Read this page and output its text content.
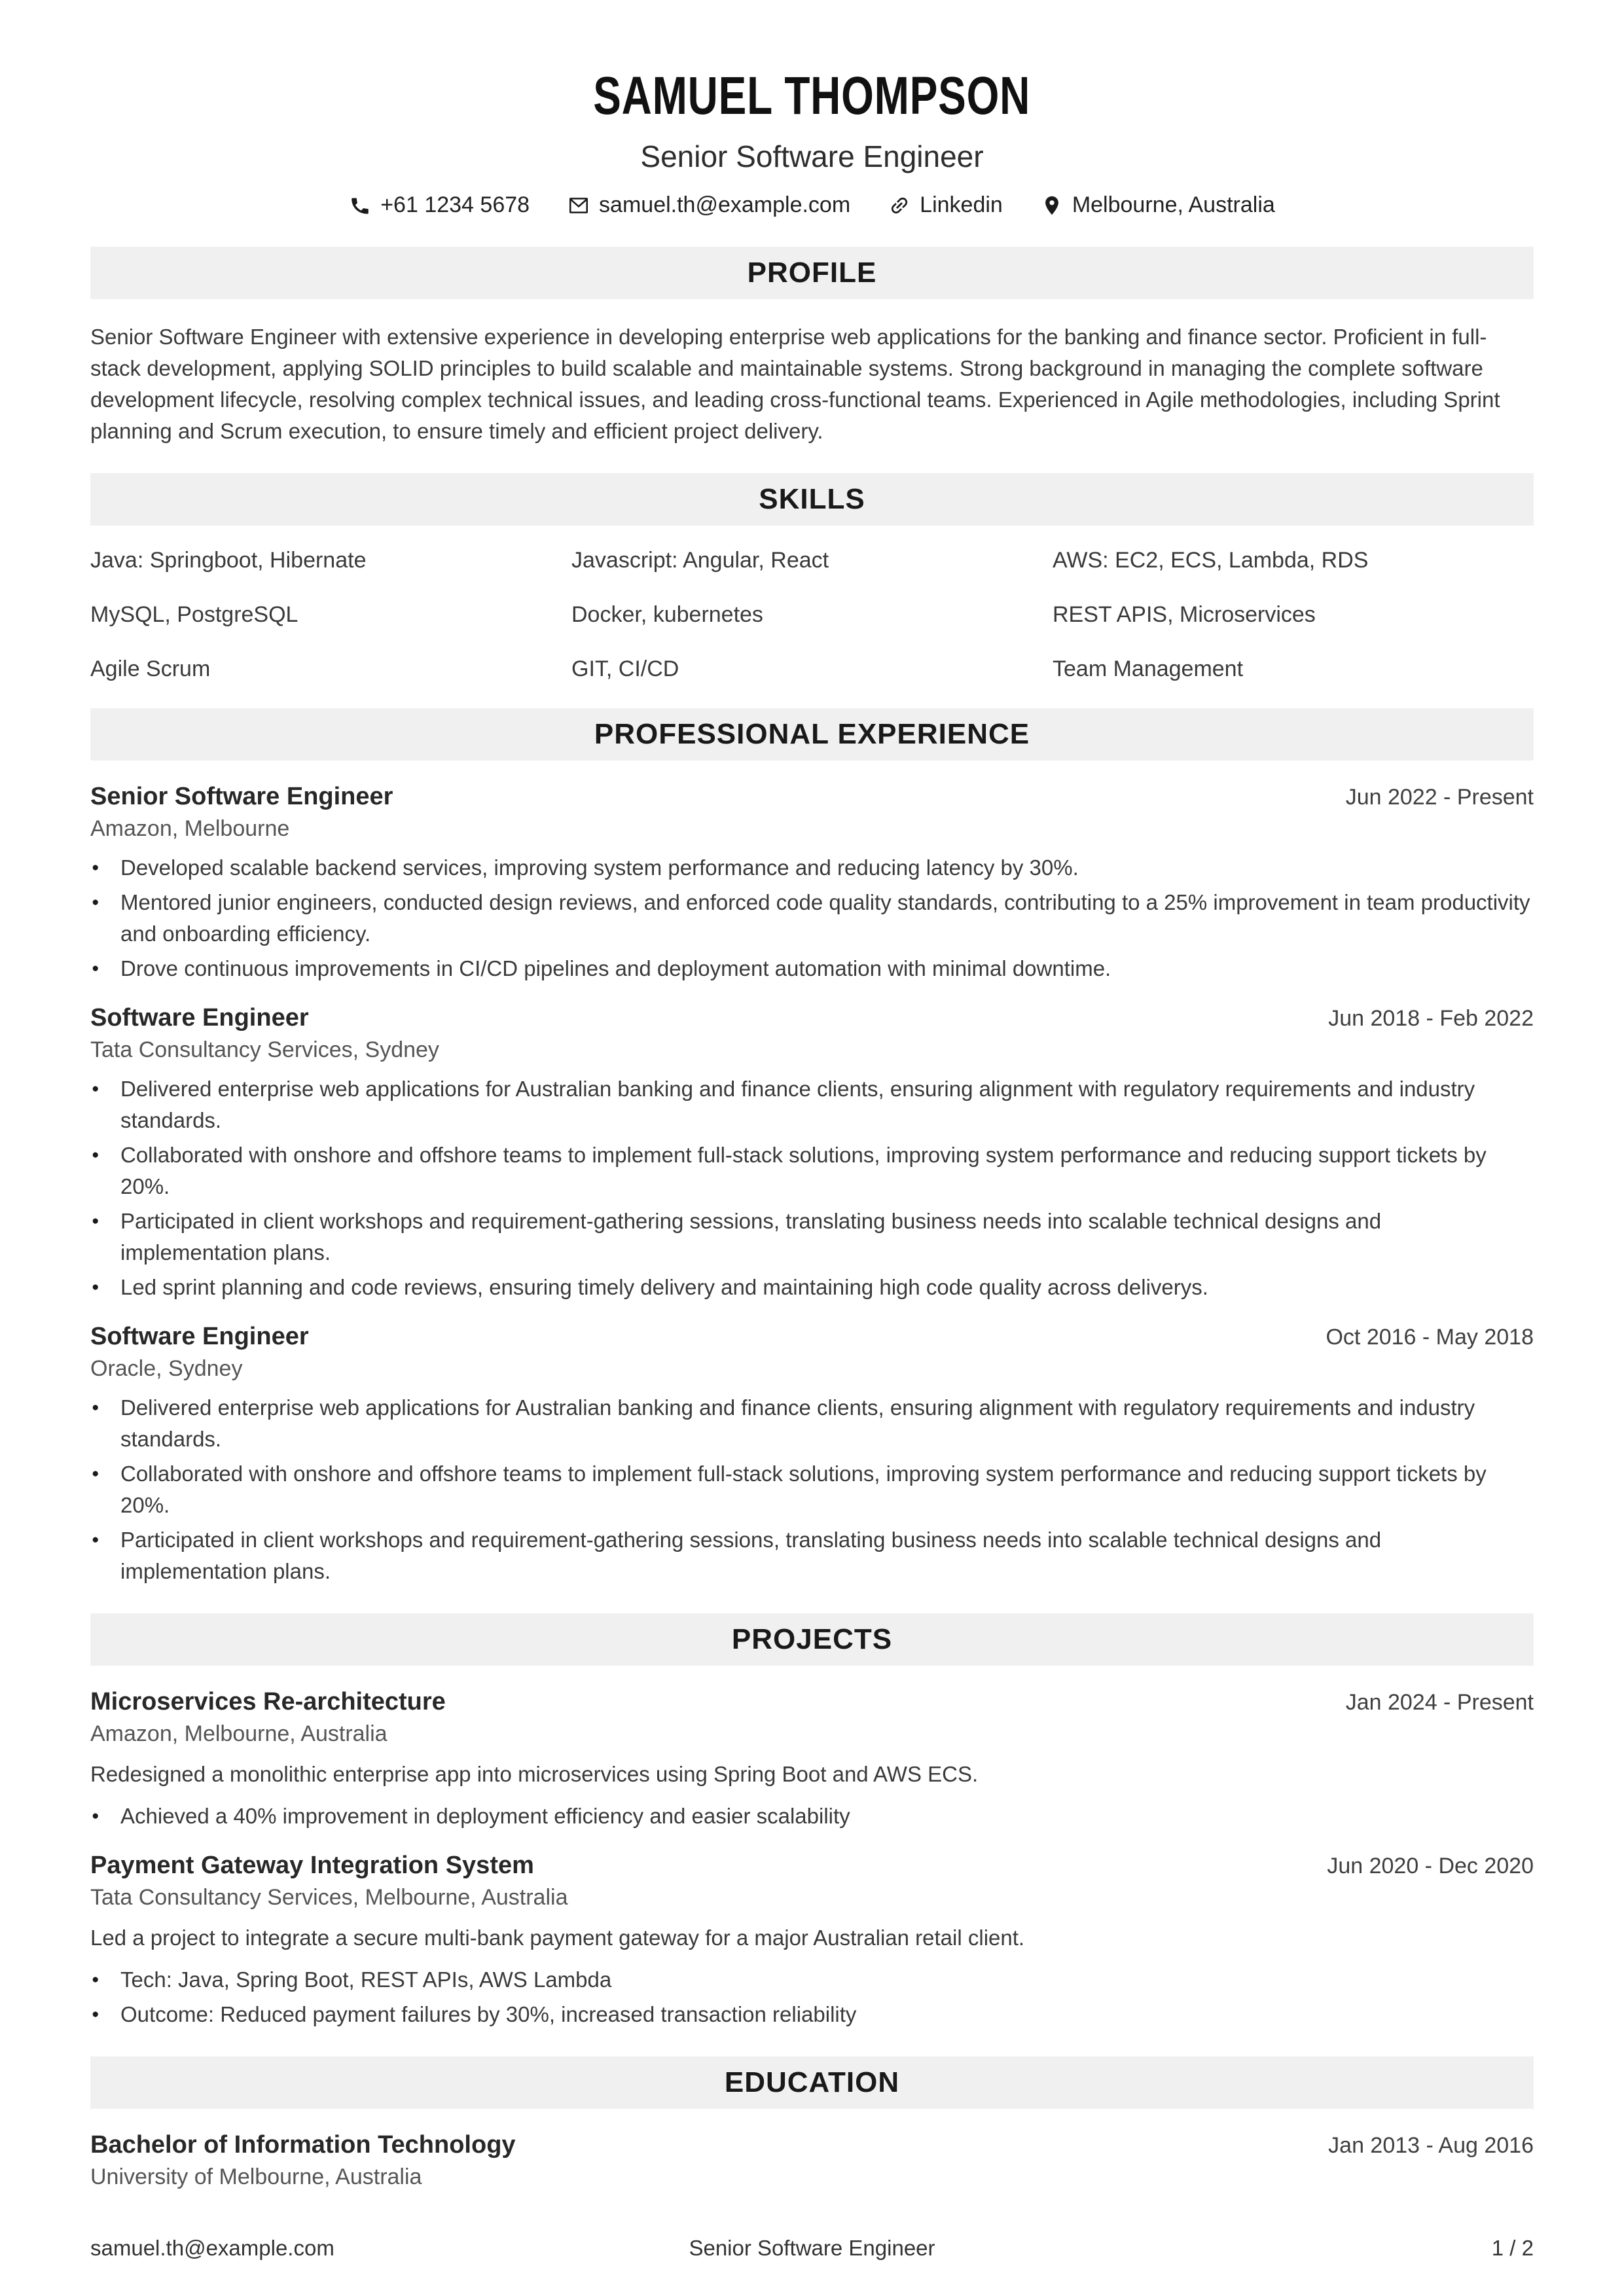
SAMUEL THOMPSON
Senior Software Engineer
+61 1234 5678	samuel.th@example.com	Linkedin	Melbourne, Australia
PROFILE

Senior Software Engineer with extensive experience in developing enterprise web applications for the banking and finance sector. Proficient in full-stack development, applying SOLID principles to build scalable and maintainable systems. Strong background in managing the complete software development lifecycle, resolving complex technical issues, and leading cross-functional teams. Experienced in Agile methodologies, including Sprint planning and Scrum execution, to ensure timely and efficient project delivery.

SKILLS
Java: Springboot, Hibernate	Javascript: Angular, React	AWS: EC2, ECS, Lambda, RDS
MySQL, PostgreSQL	Docker, kubernetes	REST APIS, Microservices
Agile Scrum	GIT, CI/CD	Team Management
PROFESSIONAL EXPERIENCE
Senior Software Engineer	Jun 2022 - Present
Amazon, Melbourne
● Developed scalable backend services, improving system performance and reducing latency by 30%.
● Mentored junior engineers, conducted design reviews, and enforced code quality standards, contributing to a 25% improvement in team productivity and onboarding efficiency.
● Drove continuous improvements in CI/CD pipelines and deployment automation with minimal downtime.
Software Engineer	Jun 2018 - Feb 2022
Tata Consultancy Services, Sydney
● Delivered enterprise web applications for Australian banking and finance clients, ensuring alignment with regulatory requirements and industry standards.
● Collaborated with onshore and offshore teams to implement full-stack solutions, improving system performance and reducing support tickets by 20%.
● Participated in client workshops and requirement-gathering sessions, translating business needs into scalable technical designs and implementation plans.
● Led sprint planning and code reviews, ensuring timely delivery and maintaining high code quality across deliverys.
Software Engineer	Oct 2016 - May 2018
Oracle, Sydney
● Delivered enterprise web applications for Australian banking and finance clients, ensuring alignment with regulatory requirements and industry standards.
● Collaborated with onshore and offshore teams to implement full-stack solutions, improving system performance and reducing support tickets by 20%.
● Participated in client workshops and requirement-gathering sessions, translating business needs into scalable technical designs and implementation plans.
PROJECTS
Microservices Re-architecture	Jan 2024 - Present
Amazon, Melbourne, Australia

Redesigned a monolithic enterprise app into microservices using Spring Boot and AWS ECS.

● Achieved a 40% improvement in deployment efficiency and easier scalability
Payment Gateway Integration System	Jun 2020 - Dec 2020
Tata Consultancy Services, Melbourne, Australia

Led a project to integrate a secure multi-bank payment gateway for a major Australian retail client.

● Tech: Java, Spring Boot, REST APIs, AWS Lambda
● Outcome: Reduced payment failures by 30%, increased transaction reliability
EDUCATION
Bachelor of Information Technology	Jan 2013 - Aug 2016
University of Melbourne, Australia
samuel.th@example.com	Senior Software Engineer	1 / 2
